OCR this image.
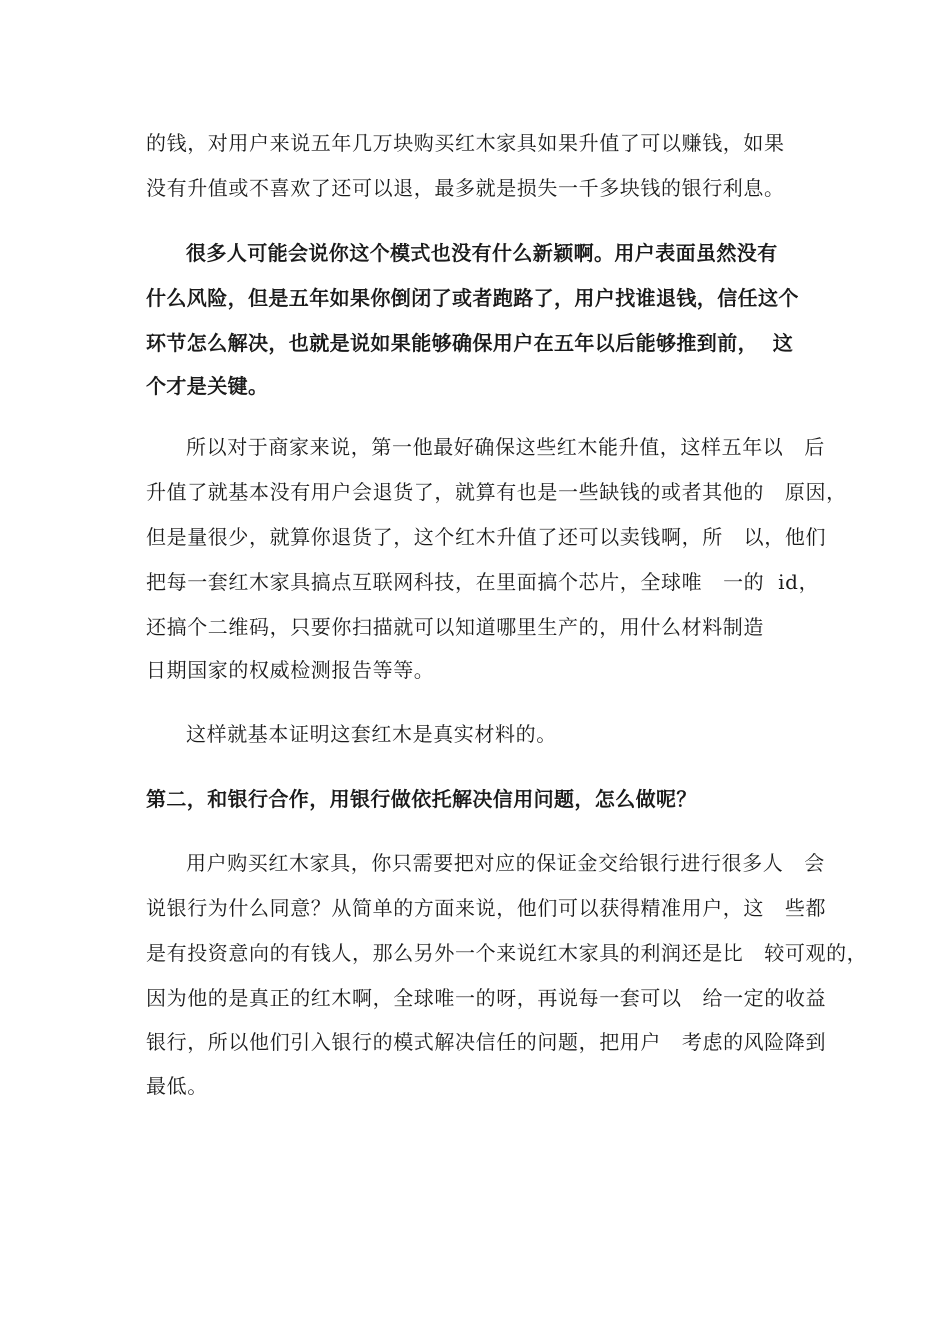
的钱，对用户来说五年几万块购买红木家具如果升值了可以赚钱，如果
没有升值或不喜欢了还可以退，最多就是损失一千多块钱的银行利息。
很多人可能会说你这个模式也没有什么新颖啊。用户表面虽然没有
什么风险，但是五年如果你倒闭了或者跑路了，用户找谁退钱，信任这个
环节怎么解决，也就是说如果能够确保用户在五年以后能够推到前，  这
个才是关键。
所以对于商家来说，第一他最好确保这些红木能升值，这样五年以   后
升值了就基本没有用户会退货了，就算有也是一些缺钱的或者其他的   原因，
但是量很少，就算你退货了，这个红木升值了还可以卖钱啊，所   以，他们
把每一套红木家具搞点互联网科技，在里面搞个芯片，全球唯   一的  id，
还搞个二维码，只要你扫描就可以知道哪里生产的，用什么材料制造
日期国家的权威检测报告等等。
这样就基本证明这套红木是真实材料的。
第二，和银行合作，用银行做依托解决信用问题，怎么做呢？
用户购买红木家具，你只需要把对应的保证金交给银行进行很多人   会
说银行为什么同意？从简单的方面来说，他们可以获得精准用户，这   些都
是有投资意向的有钱人，那么另外一个来说红木家具的利润还是比   较可观的，
因为他的是真正的红木啊，全球唯一的呀，再说每一套可以   给一定的收益
银行，所以他们引入银行的模式解决信任的问题，把用户   考虑的风险降到
最低。
